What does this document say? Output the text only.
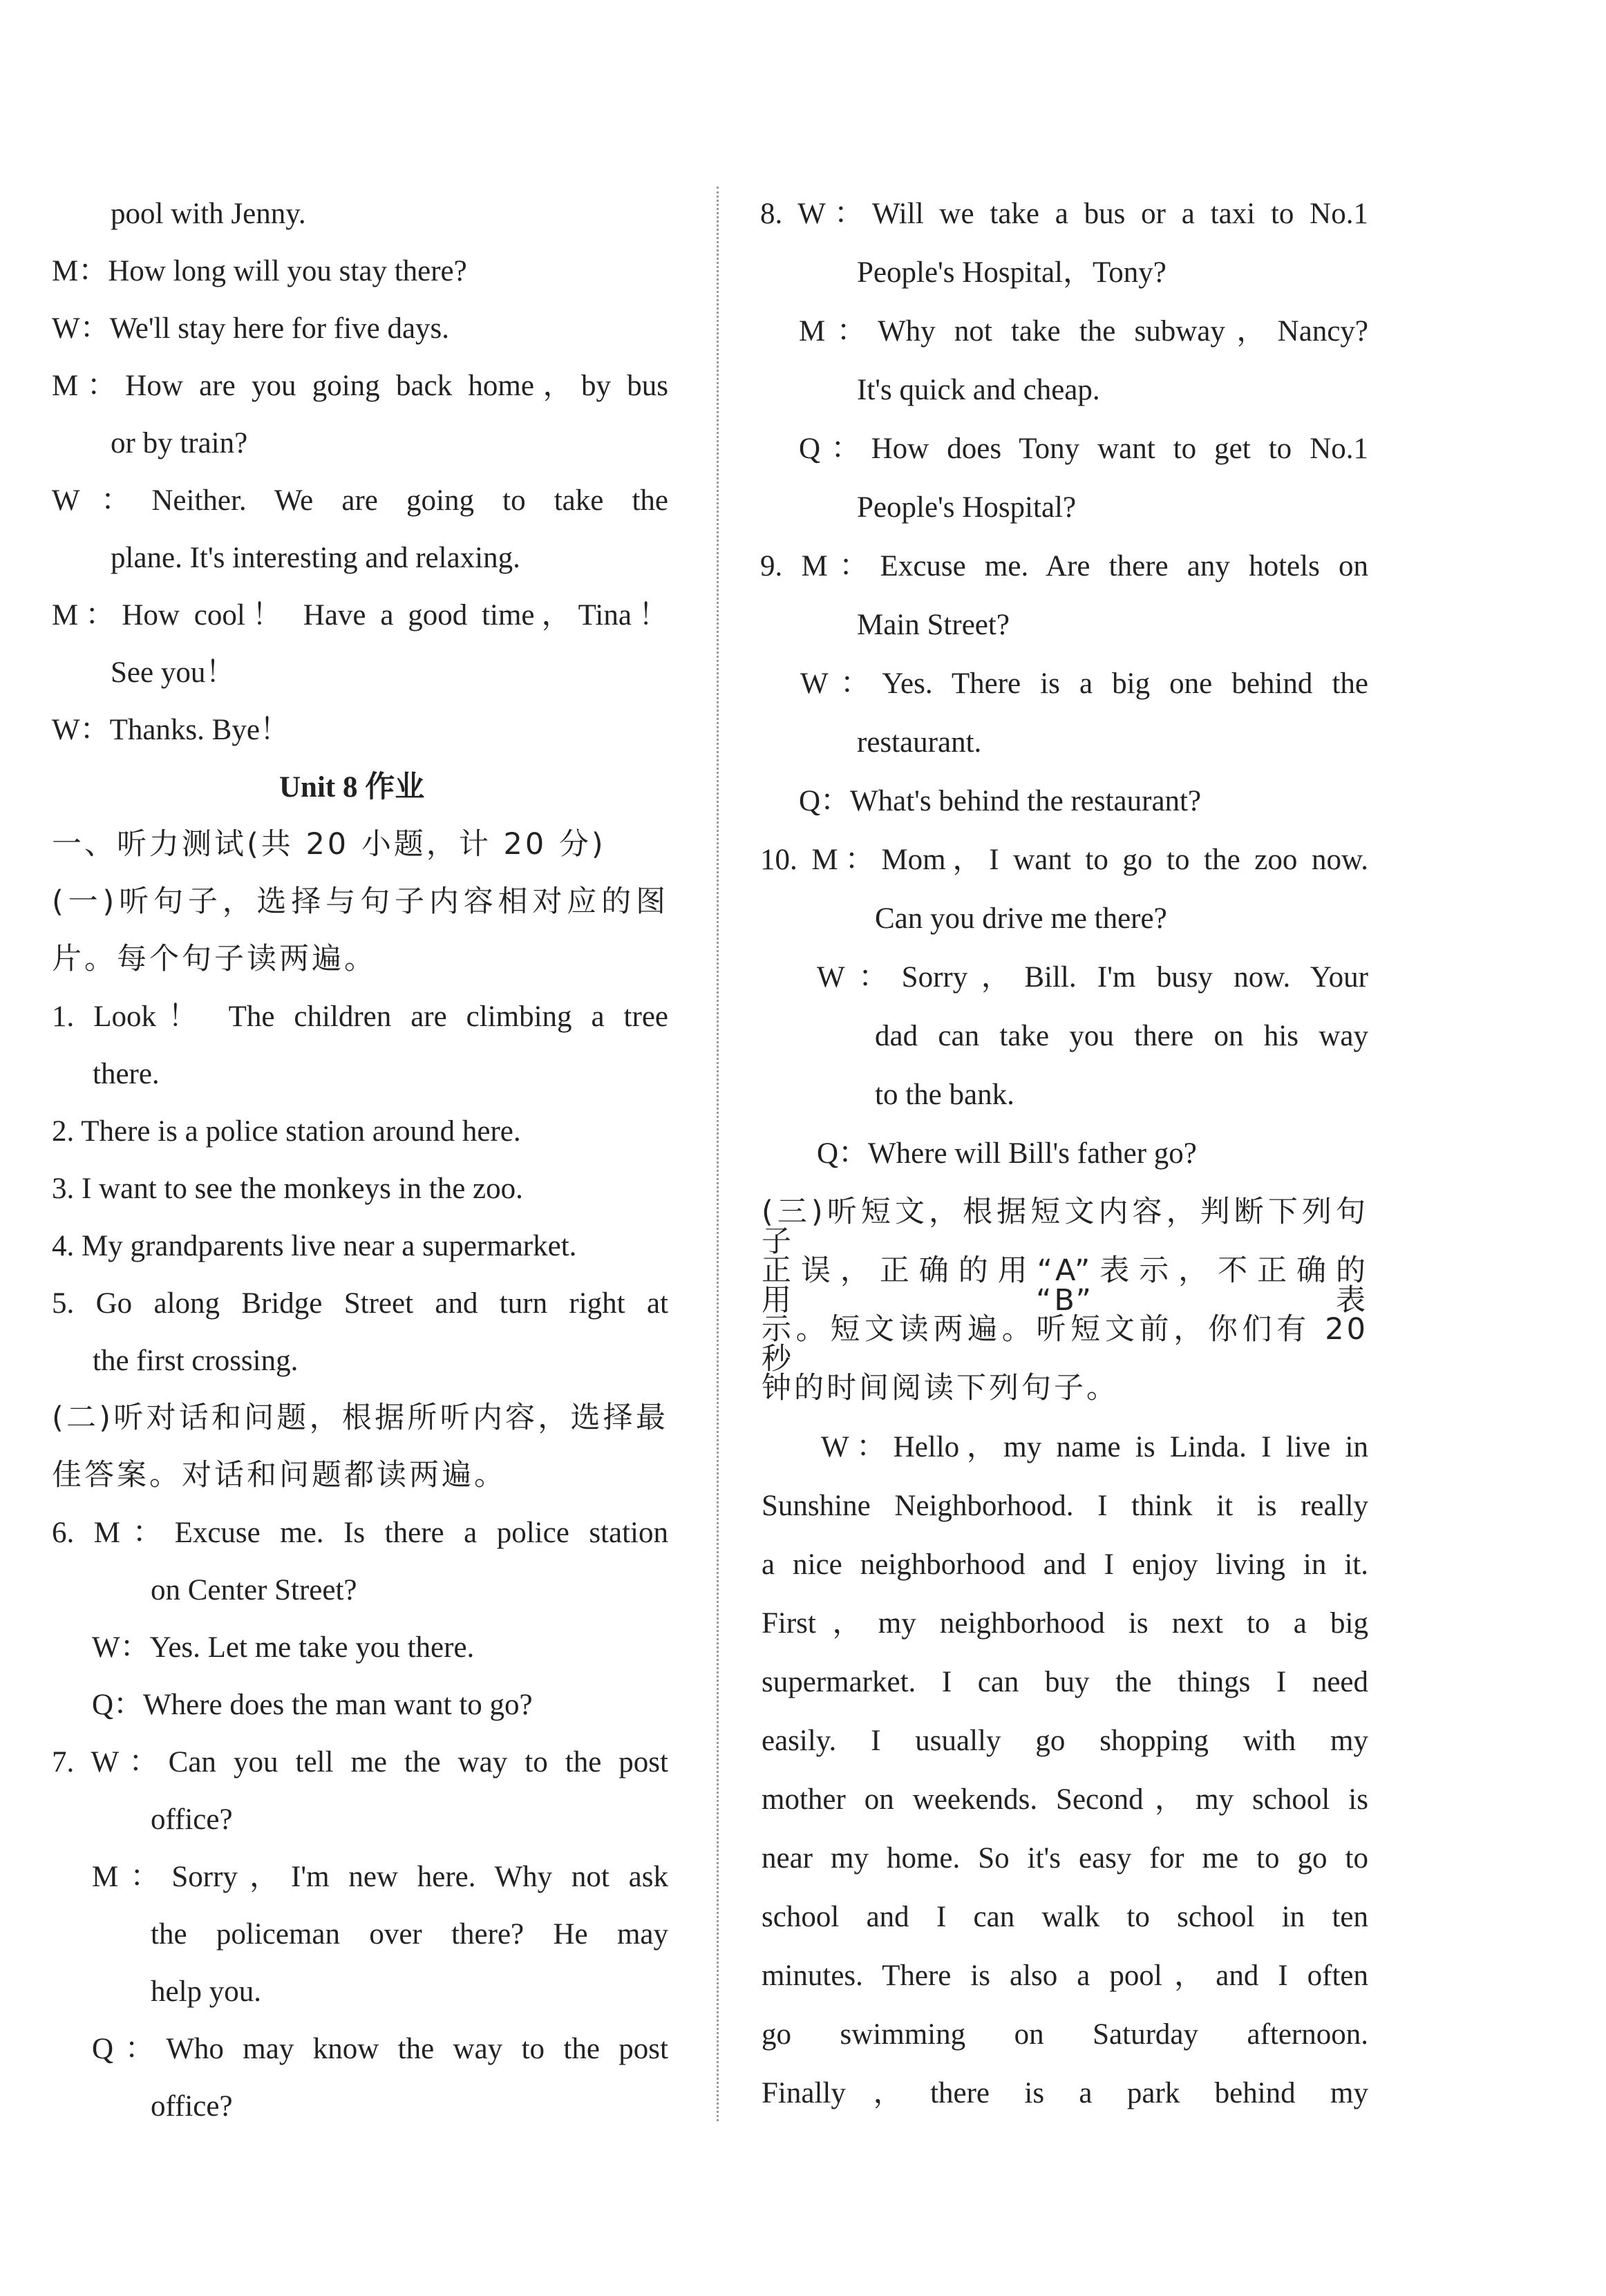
pool with Jenny.
M：How long will you stay there?
W：We'll stay here for five days.
M：How are you going back home，by bus
or by train?
W：Neither. We are going to take the
plane. It's interesting and relaxing.
M：How cool！ Have a good time，Tina！
See you！
W：Thanks. Bye！
Unit 8 作业
一、听力测试(共 20 小题，计 20 分)
(一)听句子，选择与句子内容相对应的图
片。每个句子读两遍。
1. Look！ The children are climbing a tree
there.
2. There is a police station around here.
3. I want to see the monkeys in the zoo.
4. My grandparents live near a supermarket.
5. Go along Bridge Street and turn right at
the first crossing.
(二)听对话和问题，根据所听内容，选择最
佳答案。对话和问题都读两遍。
6. M：Excuse me. Is there a police station
on Center Street?
W：Yes. Let me take you there.
Q：Where does the man want to go?
7. W：Can you tell me the way to the post
office?
M：Sorry，I'm new here. Why not ask
the policeman over there? He may
help you.
Q：Who may know the way to the post
office?
8. W：Will we take a bus or a taxi to No.1
People's Hospital，Tony?
M：Why not take the subway，Nancy?
It's quick and cheap.
Q：How does Tony want to get to No.1
People's Hospital?
9. M：Excuse me. Are there any hotels on
Main Street?
W：Yes. There is a big one behind the
restaurant.
Q：What's behind the restaurant?
10. M：Mom，I want to go to the zoo now.
Can you drive me there?
W：Sorry，Bill. I'm busy now. Your
dad can take you there on his way
to the bank.
Q：Where will Bill's father go?
(三)听短文，根据短文内容，判断下列句子
正误，正确的用“A”表示，不正确的用“B”表
示。短文读两遍。听短文前，你们有 20 秒
钟的时间阅读下列句子。
W：Hello，my name is Linda. I live in
Sunshine Neighborhood. I think it is really
a nice neighborhood and I enjoy living in it.
First，my neighborhood is next to a big
supermarket. I can buy the things I need
easily. I usually go shopping with my
mother on weekends. Second，my school is
near my home. So it's easy for me to go to
school and I can walk to school in ten
minutes. There is also a pool，and I often
go swimming on Saturday afternoon.
Finally，there is a park behind my
